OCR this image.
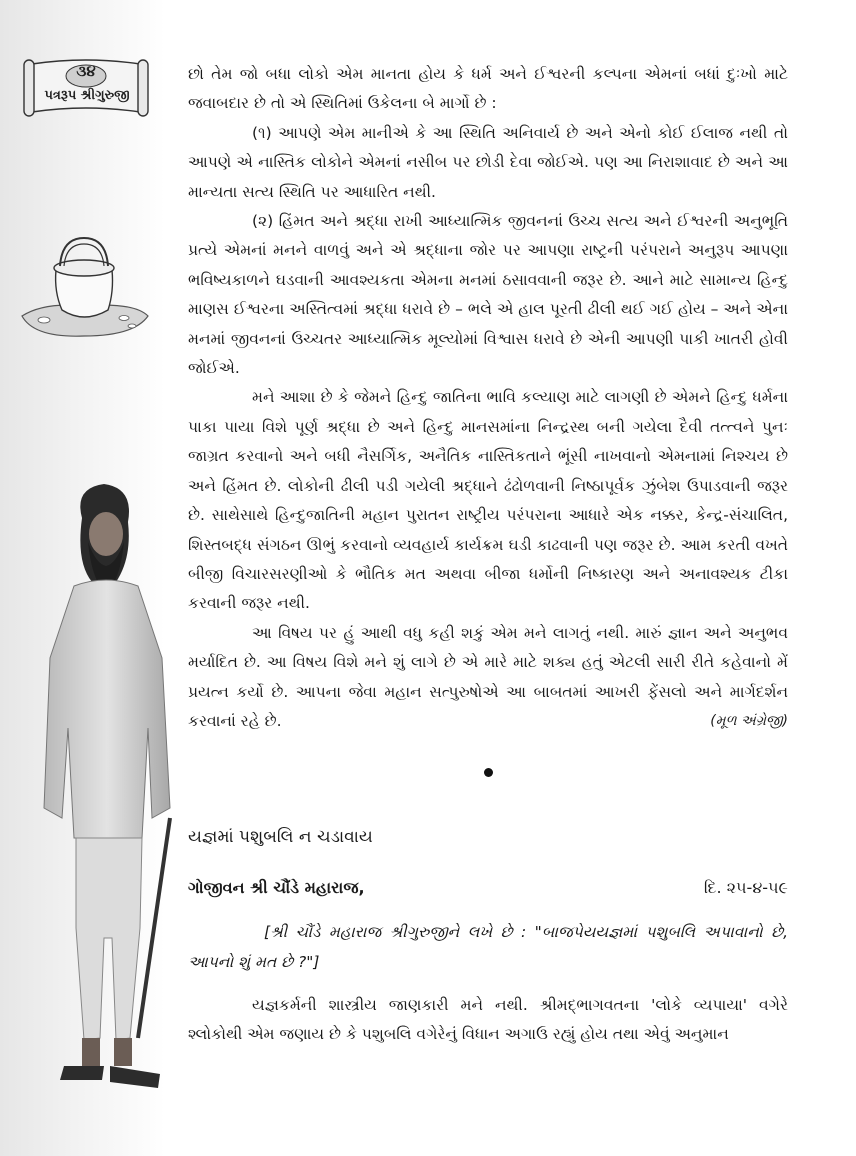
૩૪
પત્રરૂપ શ્રીગુરુજી

છો તેમ જો બધા લોકો એમ માનતા હોય કે ધર્મ અને ઈશ્વરની કલ્પના એમનાં બધાં દુઃખો માટે જવાબદાર છે તો એ સ્થિતિમાં ઉકેલના બે માર્ગો છે :

(૧) આપણે એમ માનીએ કે આ સ્થિતિ અનિવાર્ય છે અને એનો કોઈ ઈલાજ નથી તો આપણે એ નાસ્તિક લોકોને એમનાં નસીબ પર છોડી દેવા જોઈએ. પણ આ નિરાશાવાદ છે અને આ માન્યતા સત્ય સ્થિતિ પર આધારિત નથી.

(૨) હિંમત અને શ્રદ્ધા રાખી આધ્યાત્મિક જીવનનાં ઉચ્ચ સત્ય અને ઈશ્વરની અનુભૂતિ પ્રત્યે એમનાં મનને વાળવું અને એ શ્રદ્ધાના જોર પર આપણા રાષ્ટ્રની પરંપરાને અનુરૂપ આપણા ભવિષ્યકાળને ઘડવાની આવશ્યકતા એમના મનમાં ઠસાવવાની જરૂર છે. આને માટે સામાન્ય હિન્દુ માણસ ઈશ્વરના અસ્તિત્વમાં શ્રદ્ધા ધરાવે છે – ભલે એ હાલ પૂરતી ઢીલી થઈ ગઈ હોય – અને એના મનમાં જીવનનાં ઉચ્ચતર આધ્યાત્મિક મૂલ્યોમાં વિશ્વાસ ધરાવે છે એની આપણી પાકી ખાતરી હોવી જોઈએ.

મને આશા છે કે જેમને હિન્દુ જાતિના ભાવિ કલ્યાણ માટે લાગણી છે એમને હિન્દુ ધર્મના પાકા પાયા વિશે પૂર્ણ શ્રદ્ધા છે અને હિન્દુ માનસમાંના નિન્દ્રસ્થ બની ગયેલા દૈવી તત્ત્વને પુનઃ જાગ્રત કરવાનો અને બધી નૈસર્ગિક, અનૈતિક નાસ્તિકતાને ભૂંસી નાખવાનો એમનામાં નિશ્ચય છે અને હિંમત છે. લોકોની ઢીલી પડી ગયેલી શ્રદ્ધાને ઢંઢોળવાની નિષ્ઠાપૂર્વક ઝુંબેશ ઉપાડવાની જરૂર છે. સાથેસાથે હિન્દુજાતિની મહાન પુરાતન રાષ્ટ્રીય પરંપરાના આધારે એક નક્કર, કેન્દ્ર-સંચાલિત, શિસ્તબદ્ધ સંગઠન ઊભું કરવાનો વ્યવહાર્ય કાર્યક્રમ ઘડી કાઢવાની પણ જરૂર છે. આમ કરતી વખતે બીજી વિચારસરણીઓ કે ભૌતિક મત અથવા બીજા ધર્મોની નિષ્કારણ અને અનાવશ્યક ટીકા કરવાની જરૂર નથી.

આ વિષય પર હું આથી વધુ કહી શકું એમ મને લાગતું નથી. મારું જ્ઞાન અને અનુભવ મર્યાદિત છે. આ વિષય વિશે મને શું લાગે છે એ મારે માટે શક્ય હતું એટલી સારી રીતે કહેવાનો મેં પ્રયત્ન કર્યો છે. આપના જેવા મહાન સત્પુરુષોએ આ બાબતમાં આખરી ફેંસલો અને માર્ગદર્શન કરવાનાં રહે છે.	(મૂળ અંગ્રેજી)
યજ્ઞમાં પશુબલિ ન ચડાવાય
ગોજીવન શ્રી ચૌંડે મહારાજ,	દિ. ૨૫-૪-૫૯

[શ્રી ચૌંડે મહારાજ શ્રીગુરુજીને લખે છે : "બાજપેયયજ્ઞમાં પશુબલિ અપાવાનો છે, આપનો શું મત છે ?"]

યજ્ઞકર્મની શાસ્ત્રીય જાણકારી મને નથી. શ્રીમદ્‌ભાગવતના 'લોકે વ્યપાયા' વગેરે શ્લોકોથી એમ જણાય છે કે પશુબલિ વગેરેનું વિધાન અગાઉ રહ્યું હોય તથા એવું અનુમાન
